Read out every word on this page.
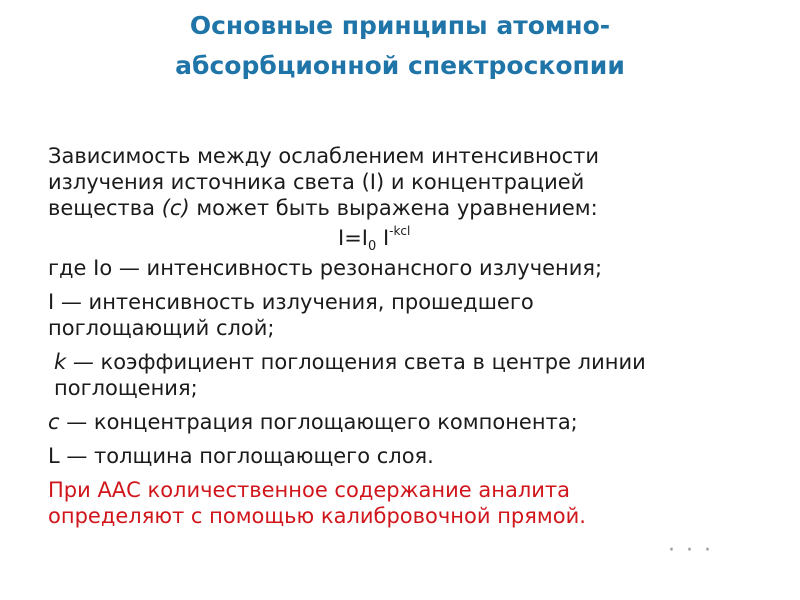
Основные принципы атомно-
абсорбционной спектроскопии

Зависимость между ослаблением интенсивности
излучения источника света (I) и концентрацией
вещества (c) может быть выражена уравнением:

$I=I_0$ $I^{-kcl}$

где Iо — интенсивность резонансного излучения;

I — интенсивность излучения, прошедшего
поглощающий слой;

k — коэффициент поглощения света в центре линии
поглощения;

c — концентрация поглощающего компонента;

L — толщина поглощающего слоя.

При ААС количественное содержание аналита
определяют с помощью калибровочной прямой.

· · ·
